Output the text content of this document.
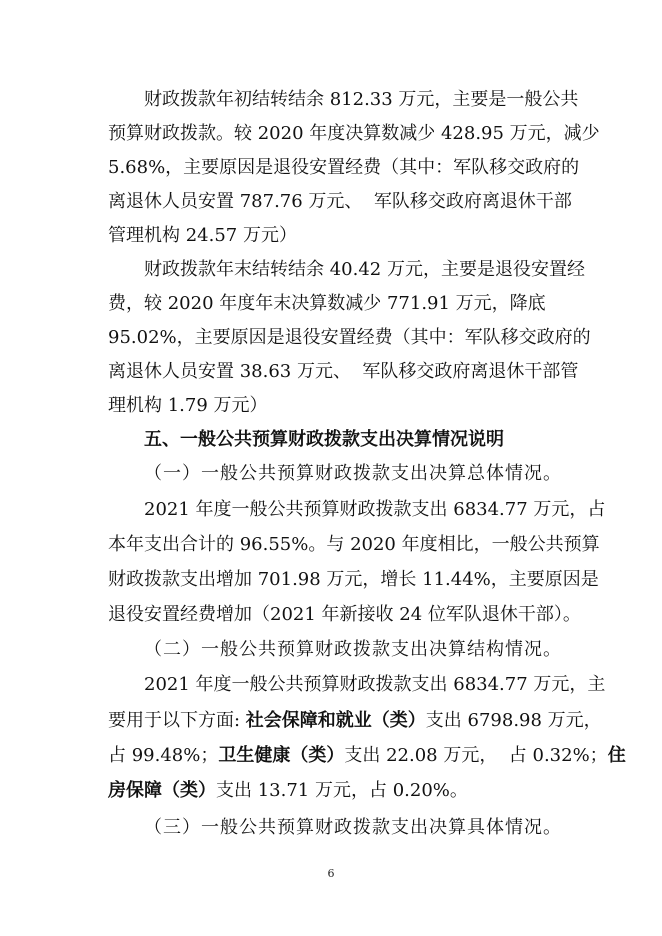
财政拨款年初结转结余 812.33 万元，主要是一般公共
预算财政拨款。较 2020 年度决算数减少 428.95 万元，减少
5.68%，主要原因是退役安置经费（其中：军队移交政府的
离退休人员安置 787.76 万元、  军队移交政府离退休干部
管理机构 24.57 万元）
财政拨款年末结转结余 40.42 万元，主要是退役安置经
费，较 2020 年度年末决算数减少 771.91 万元，降底
95.02%，主要原因是退役安置经费（其中：军队移交政府的
离退休人员安置 38.63 万元、  军队移交政府离退休干部管
理机构 1.79 万元）
五、一般公共预算财政拨款支出决算情况说明
（一）一般公共预算财政拨款支出决算总体情况。
2021 年度一般公共预算财政拨款支出 6834.77 万元，占
本年支出合计的 96.55%。与 2020 年度相比，一般公共预算
财政拨款支出增加 701.98 万元，增长 11.44%，主要原因是
退役安置经费增加（2021 年新接收 24 位军队退休干部）。
（二）一般公共预算财政拨款支出决算结构情况。
2021 年度一般公共预算财政拨款支出 6834.77 万元，主
要用于以下方面: 社会保障和就业（类）支出 6798.98 万元，
占 99.48%；卫生健康（类）支出 22.08 万元，  占 0.32%；住
房保障（类）支出 13.71 万元，占 0.20%。
（三）一般公共预算财政拨款支出决算具体情况。
6
